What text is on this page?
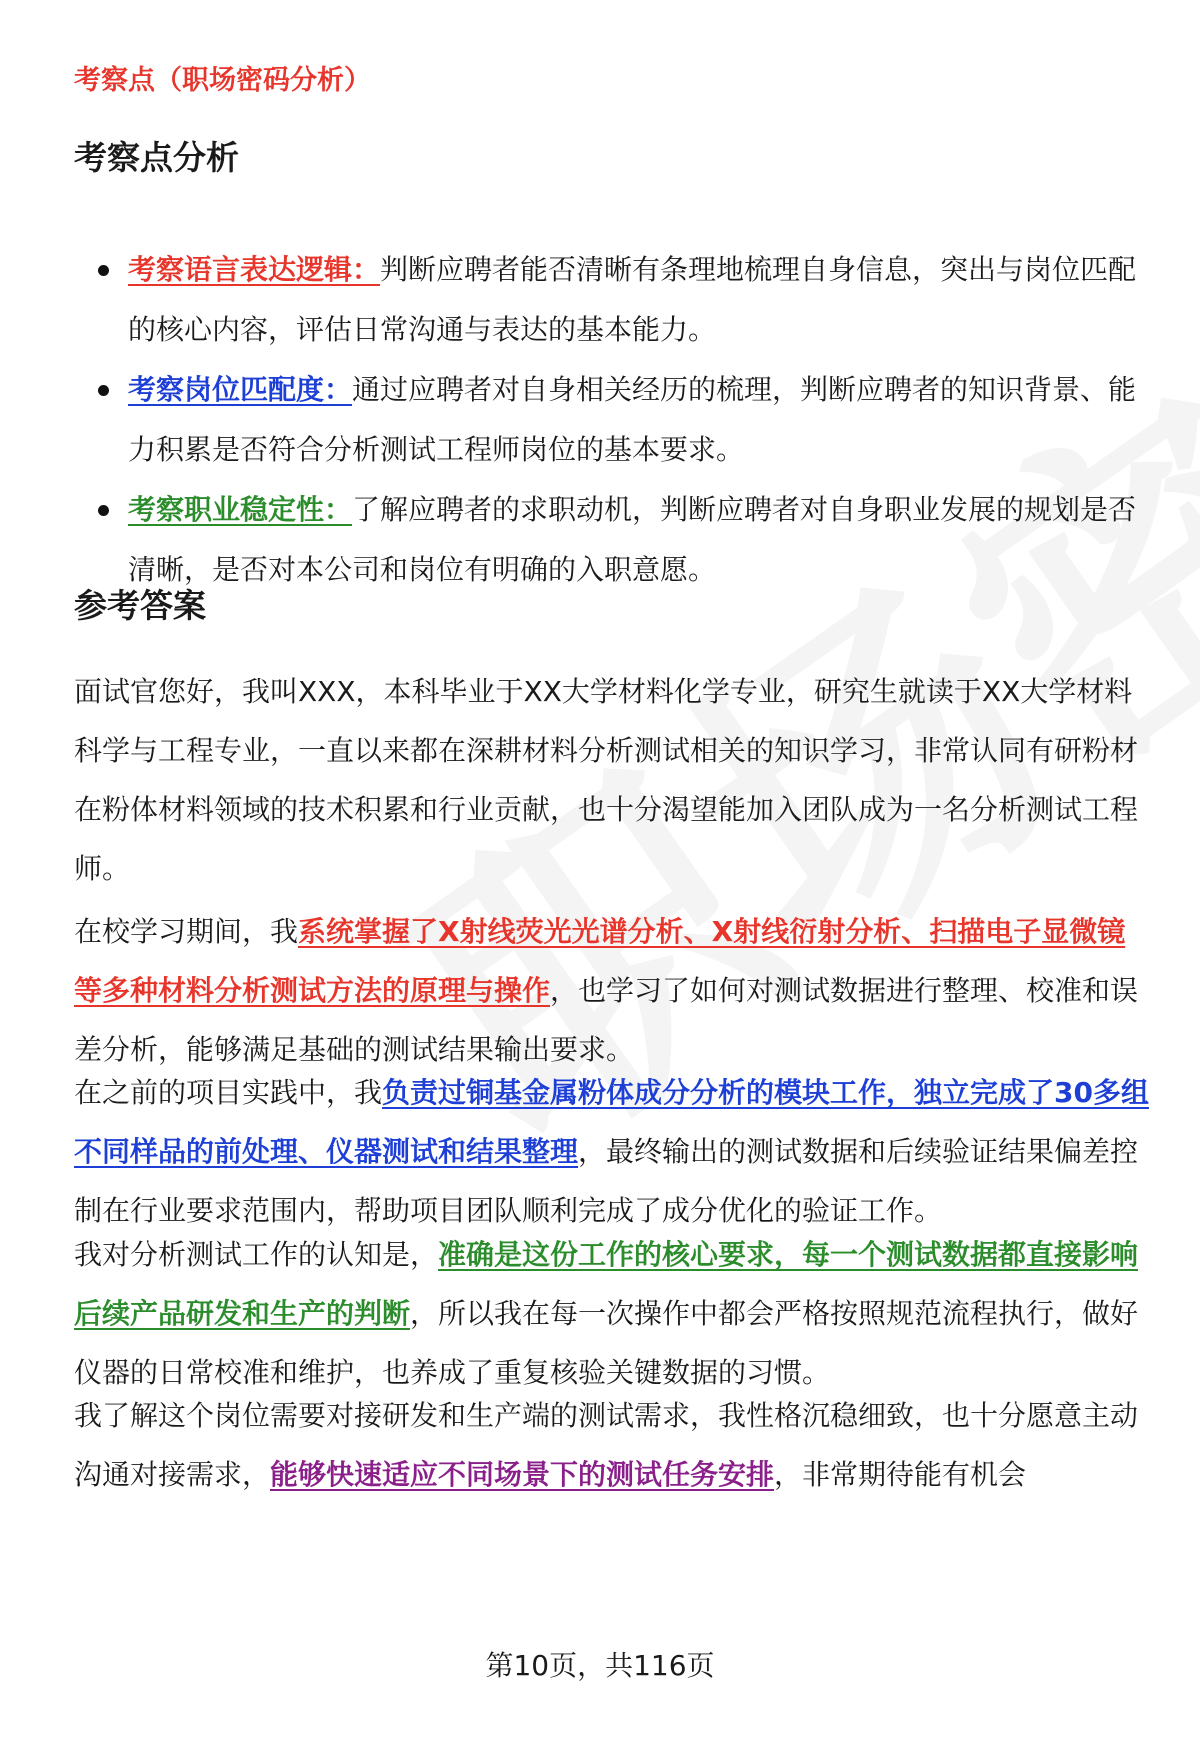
考察点（职场密码分析）
考察点分析
考察语言表达逻辑：判断应聘者能否清晰有条理地梳理自身信息，突出与岗位匹配的核心内容，评估日常沟通与表达的基本能力。
考察岗位匹配度：通过应聘者对自身相关经历的梳理，判断应聘者的知识背景、能力积累是否符合分析测试工程师岗位的基本要求。
考察职业稳定性：了解应聘者的求职动机，判断应聘者对自身职业发展的规划是否清晰，是否对本公司和岗位有明确的入职意愿。
参考答案

面试官您好，我叫XXX，本科毕业于XX大学材料化学专业，研究生就读于XX大学材料科学与工程专业，一直以来都在深耕材料分析测试相关的知识学习，非常认同有研粉材在粉体材料领域的技术积累和行业贡献，也十分渴望能加入团队成为一名分析测试工程师。

在校学习期间，我系统掌握了X射线荧光光谱分析、X射线衍射分析、扫描电子显微镜等多种材料分析测试方法的原理与操作，也学习了如何对测试数据进行整理、校准和误差分析，能够满足基础的测试结果输出要求。

在之前的项目实践中，我负责过铜基金属粉体成分分析的模块工作，独立完成了30多组不同样品的前处理、仪器测试和结果整理，最终输出的测试数据和后续验证结果偏差控制在行业要求范围内，帮助项目团队顺利完成了成分优化的验证工作。

我对分析测试工作的认知是，准确是这份工作的核心要求，每一个测试数据都直接影响后续产品研发和生产的判断，所以我在每一次操作中都会严格按照规范流程执行，做好仪器的日常校准和维护，也养成了重复核验关键数据的习惯。

我了解这个岗位需要对接研发和生产端的测试需求，我性格沉稳细致，也十分愿意主动沟通对接需求，能够快速适应不同场景下的测试任务安排，非常期待能有机会

第10页，共116页
